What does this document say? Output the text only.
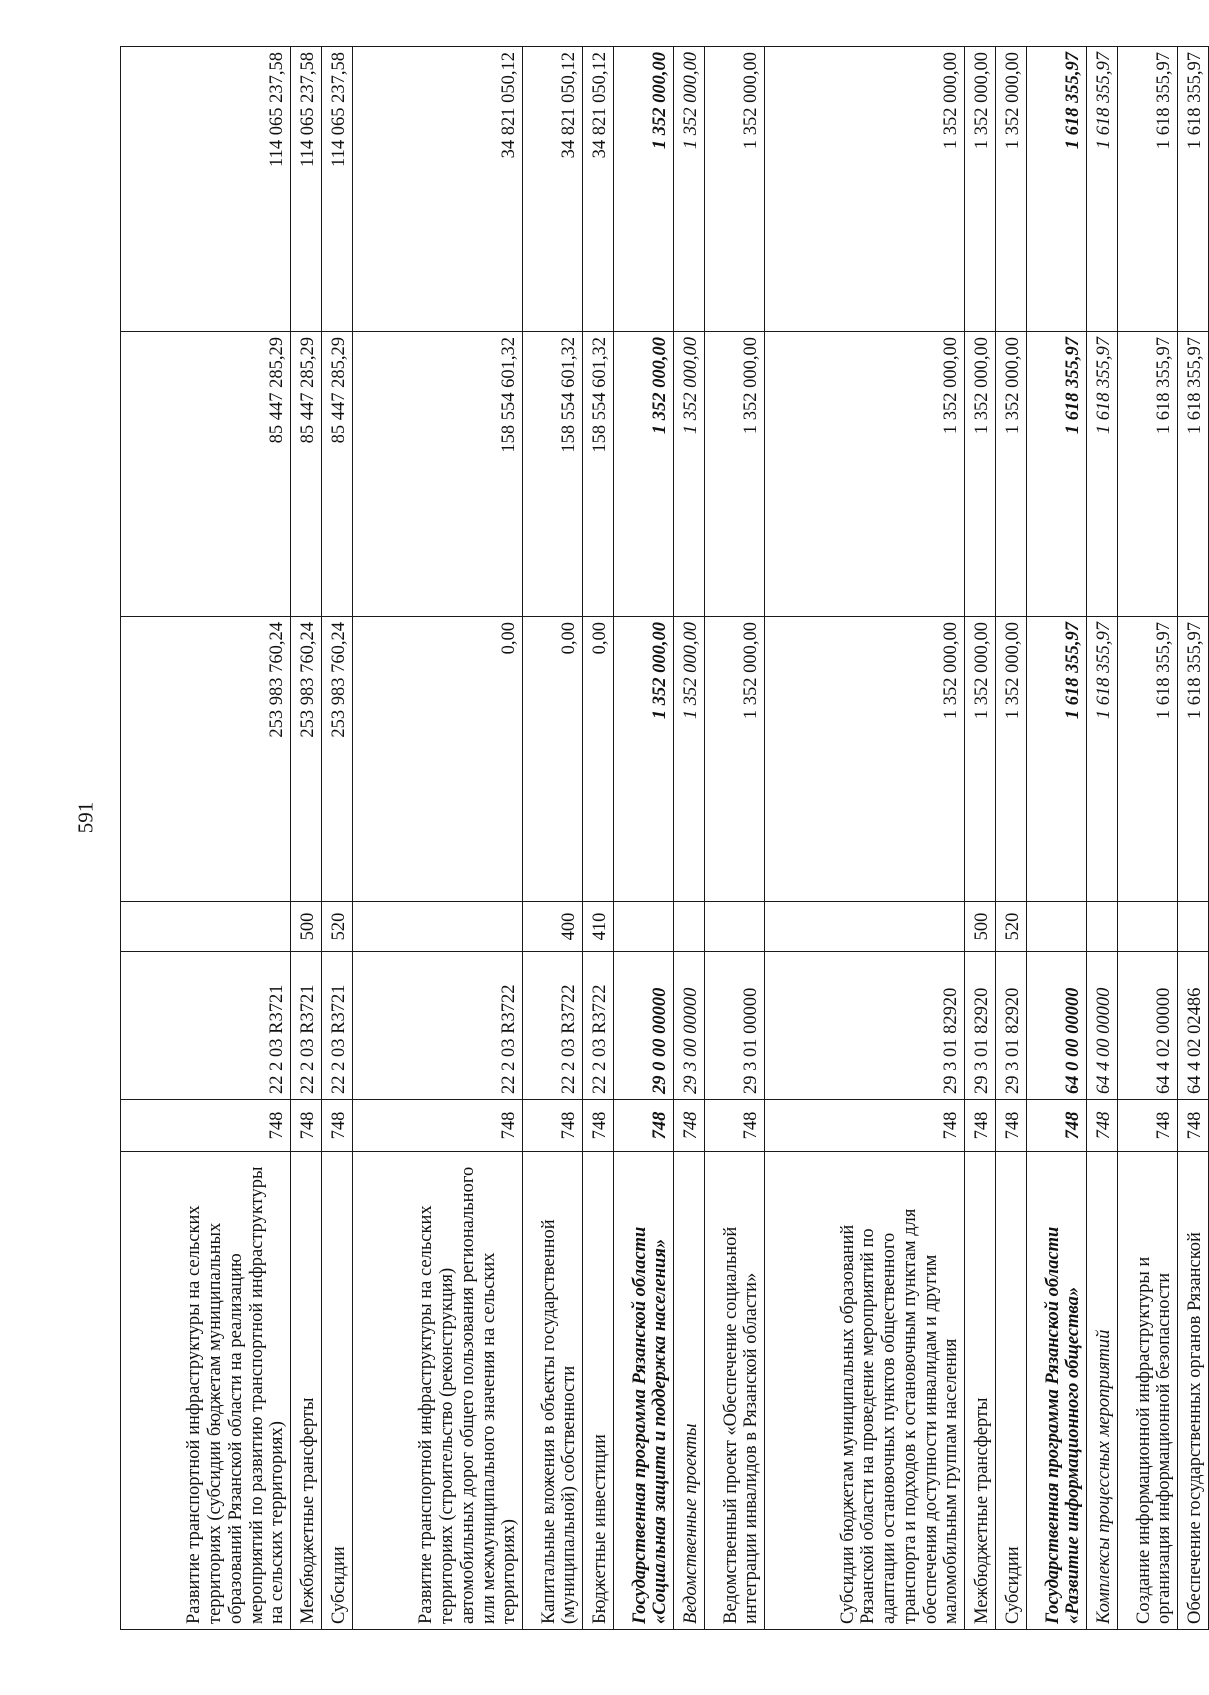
591
Развитие транспортной инфраструктуры на сельских территориях (субсидии бюджетам муниципальных образований Рязанской области на реализацию мероприятий по развитию транспортной инфраструктуры на сельских территориях)	748	22 2 03 R3721		253 983 760,24	85 447 285,29	114 065 237,58	
Межбюджетные трансферты	748	22 2 03 R3721	500	253 983 760,24	85 447 285,29	114 065 237,58	
Субсидии	748	22 2 03 R3721	520	253 983 760,24	85 447 285,29	114 065 237,58	
Развитие транспортной инфраструктуры на сельских территориях (строительство (реконструкция) автомобильных дорог общего пользования регионального или межмуниципального значения на сельских территориях)	748	22 2 03 R3722		0,00	158 554 601,32	34 821 050,12	
Капитальные вложения в объекты государственной (муниципальной) собственности	748	22 2 03 R3722	400	0,00	158 554 601,32	34 821 050,12	
Бюджетные инвестиции	748	22 2 03 R3722	410	0,00	158 554 601,32	34 821 050,12	
Государственная программа Рязанской области «Социальная защита и поддержка населения»	748	29 0 00 00000		1 352 000,00	1 352 000,00	1 352 000,00	
Ведомственные проекты	748	29 3 00 00000		1 352 000,00	1 352 000,00	1 352 000,00	
Ведомственный проект «Обеспечение социальной интеграции инвалидов в Рязанской области»	748	29 3 01 00000		1 352 000,00	1 352 000,00	1 352 000,00	
Субсидии бюджетам муниципальных образований Рязанской области на проведение мероприятий по адаптации остановочных пунктов общественного транспорта и подходов к остановочным пунктам для обеспечения доступности инвалидам и другим маломобильным группам населения	748	29 3 01 82920		1 352 000,00	1 352 000,00	1 352 000,00	
Межбюджетные трансферты	748	29 3 01 82920	500	1 352 000,00	1 352 000,00	1 352 000,00	
Субсидии	748	29 3 01 82920	520	1 352 000,00	1 352 000,00	1 352 000,00	
Государственная программа Рязанской области «Развитие информационного общества»	748	64 0 00 00000		1 618 355,97	1 618 355,97	1 618 355,97	
Комплексы процессных мероприятий	748	64 4 00 00000		1 618 355,97	1 618 355,97	1 618 355,97	
Создание информационной инфраструктуры и организация информационной безопасности	748	64 4 02 00000		1 618 355,97	1 618 355,97	1 618 355,97	
Обеспечение государственных органов Рязанской	748	64 4 02 02486		1 618 355,97	1 618 355,97	1 618 355,97	
